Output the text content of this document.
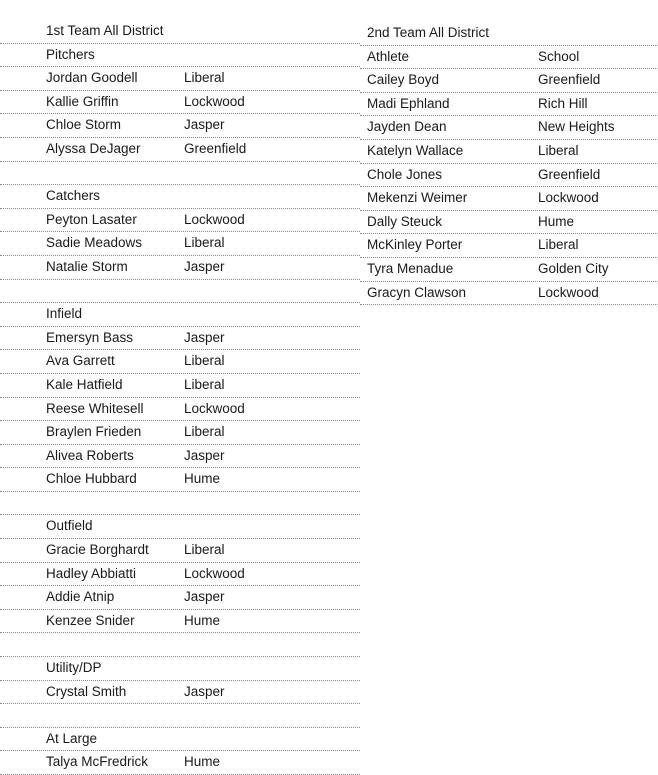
1st Team All District
Pitchers
Jordan Goodell	Liberal
Kallie Griffin	Lockwood
Chloe Storm	Jasper
Alyssa DeJager	Greenfield
Catchers
Peyton Lasater	Lockwood
Sadie Meadows	Liberal
Natalie Storm	Jasper
Infield
Emersyn Bass	Jasper
Ava Garrett	Liberal
Kale Hatfield	Liberal
Reese Whitesell	Lockwood
Braylen Frieden	Liberal
Alivea Roberts	Jasper
Chloe Hubbard	Hume
Outfield
Gracie Borghardt	Liberal
Hadley Abbiatti	Lockwood
Addie Atnip	Jasper
Kenzee Snider	Hume
Utility/DP
Crystal Smith	Jasper
At Large
Talya McFredrick	Hume
2nd Team All District
Athlete	School
Cailey Boyd	Greenfield
Madi Ephland	Rich Hill
Jayden Dean	New Heights
Katelyn Wallace	Liberal
Chole Jones	Greenfield
Mekenzi Weimer	Lockwood
Dally Steuck	Hume
McKinley Porter	Liberal
Tyra Menadue	Golden City
Gracyn Clawson	Lockwood
